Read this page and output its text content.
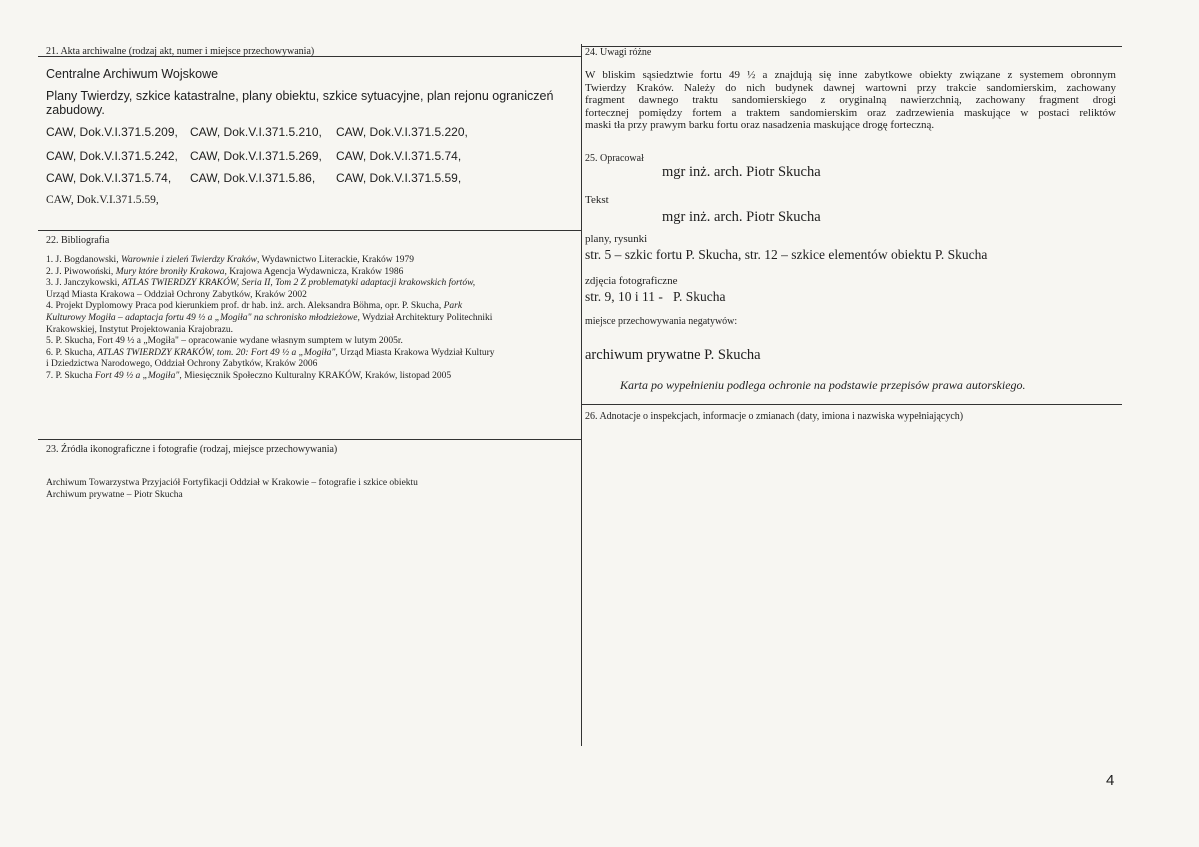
21. Akta archiwalne (rodzaj akt, numer i miejsce przechowywania)
Centralne Archiwum Wojskowe
Plany Twierdzy, szkice katastralne, plany obiektu, szkice sytuacyjne, plan rejonu ograniczeń zabudowy.
CAW, Dok.V.I.371.5.209, CAW, Dok.V.I.371.5.210, CAW, Dok.V.I.371.5.220,
CAW, Dok.V.I.371.5.242, CAW, Dok.V.I.371.5.269, CAW, Dok.V.I.371.5.74,
CAW, Dok.V.I.371.5.74, CAW, Dok.V.I.371.5.86, CAW, Dok.V.I.371.5.59,
CAW, Dok.V.I.371.5.59,
22. Bibliografia
1. J. Bogdanowski, Warownie i zieleń Twierdzy Kraków, Wydawnictwo Literackie, Kraków 1979
2. J. Piwowoński, Mury które broniły Krakowa, Krajowa Agencja Wydawnicza, Kraków 1986
3. J. Janczykowski, ATLAS TWIERDZY KRAKÓW, Seria II, Tom 2 Z problematyki adaptacji krakowskich fortów,
Urząd Miasta Krakowa – Oddział Ochrony Zabytków, Kraków 2002
4. Projekt Dyplomowy Praca pod kierunkiem prof. dr hab. inż. arch. Aleksandra Böhma, opr. P. Skucha, Park
Kulturowy Mogiła – adaptacja fortu 49 ½ a „Mogiła" na schronisko młodzieżowe, Wydział Architektury Politechniki
Krakowskiej, Instytut Projektowania Krajobrazu.
5. P. Skucha, Fort 49 ½ a „Mogiła" – opracowanie wydane własnym sumptem w lutym 2005r.
6. P. Skucha, ATLAS TWIERDZY KRAKÓW, tom. 20: Fort 49 ½ a „Mogiła", Urząd Miasta Krakowa Wydział Kultury
i Dziedzictwa Narodowego, Oddział Ochrony Zabytków, Kraków 2006
7. P. Skucha Fort 49 ½ a „Mogiła", Miesięcznik Społeczno Kulturalny KRAKÓW, Kraków, listopad 2005
23. Źródła ikonograficzne i fotografie (rodzaj, miejsce przechowywania)
Archiwum Towarzystwa Przyjaciół Fortyfikacji Oddział w Krakowie – fotografie i szkice obiektu
Archiwum prywatne – Piotr Skucha
24. Uwagi różne
W bliskim sąsiedztwie fortu 49 ½ a znajdują się inne zabytkowe obiekty związane z systemem obronnym
Twierdzy Kraków. Należy do nich budynek dawnej wartowni przy trakcie sandomierskim, zachowany
fragment dawnego traktu sandomierskiego z oryginalną nawierzchnią, zachowany fragment drogi
fortecznej pomiędzy fortem a traktem sandomierskim oraz zadrzewienia maskujące w postaci reliktów
maski tła przy prawym barku fortu oraz nasadzenia maskujące drogę forteczną.
25. Opracował
mgr inż. arch. Piotr Skucha
Tekst
mgr inż. arch. Piotr Skucha
plany, rysunki
str. 5 – szkic fortu P. Skucha, str. 12 – szkice elementów obiektu P. Skucha
zdjęcia fotograficzne
str. 9, 10 i 11 -   P. Skucha
miejsce przechowywania negatywów:
archiwum prywatne P. Skucha
Karta po wypełnieniu podlega ochronie na podstawie przepisów prawa autorskiego.
26. Adnotacje o inspekcjach, informacje o zmianach (daty, imiona i nazwiska wypełniających)
4
